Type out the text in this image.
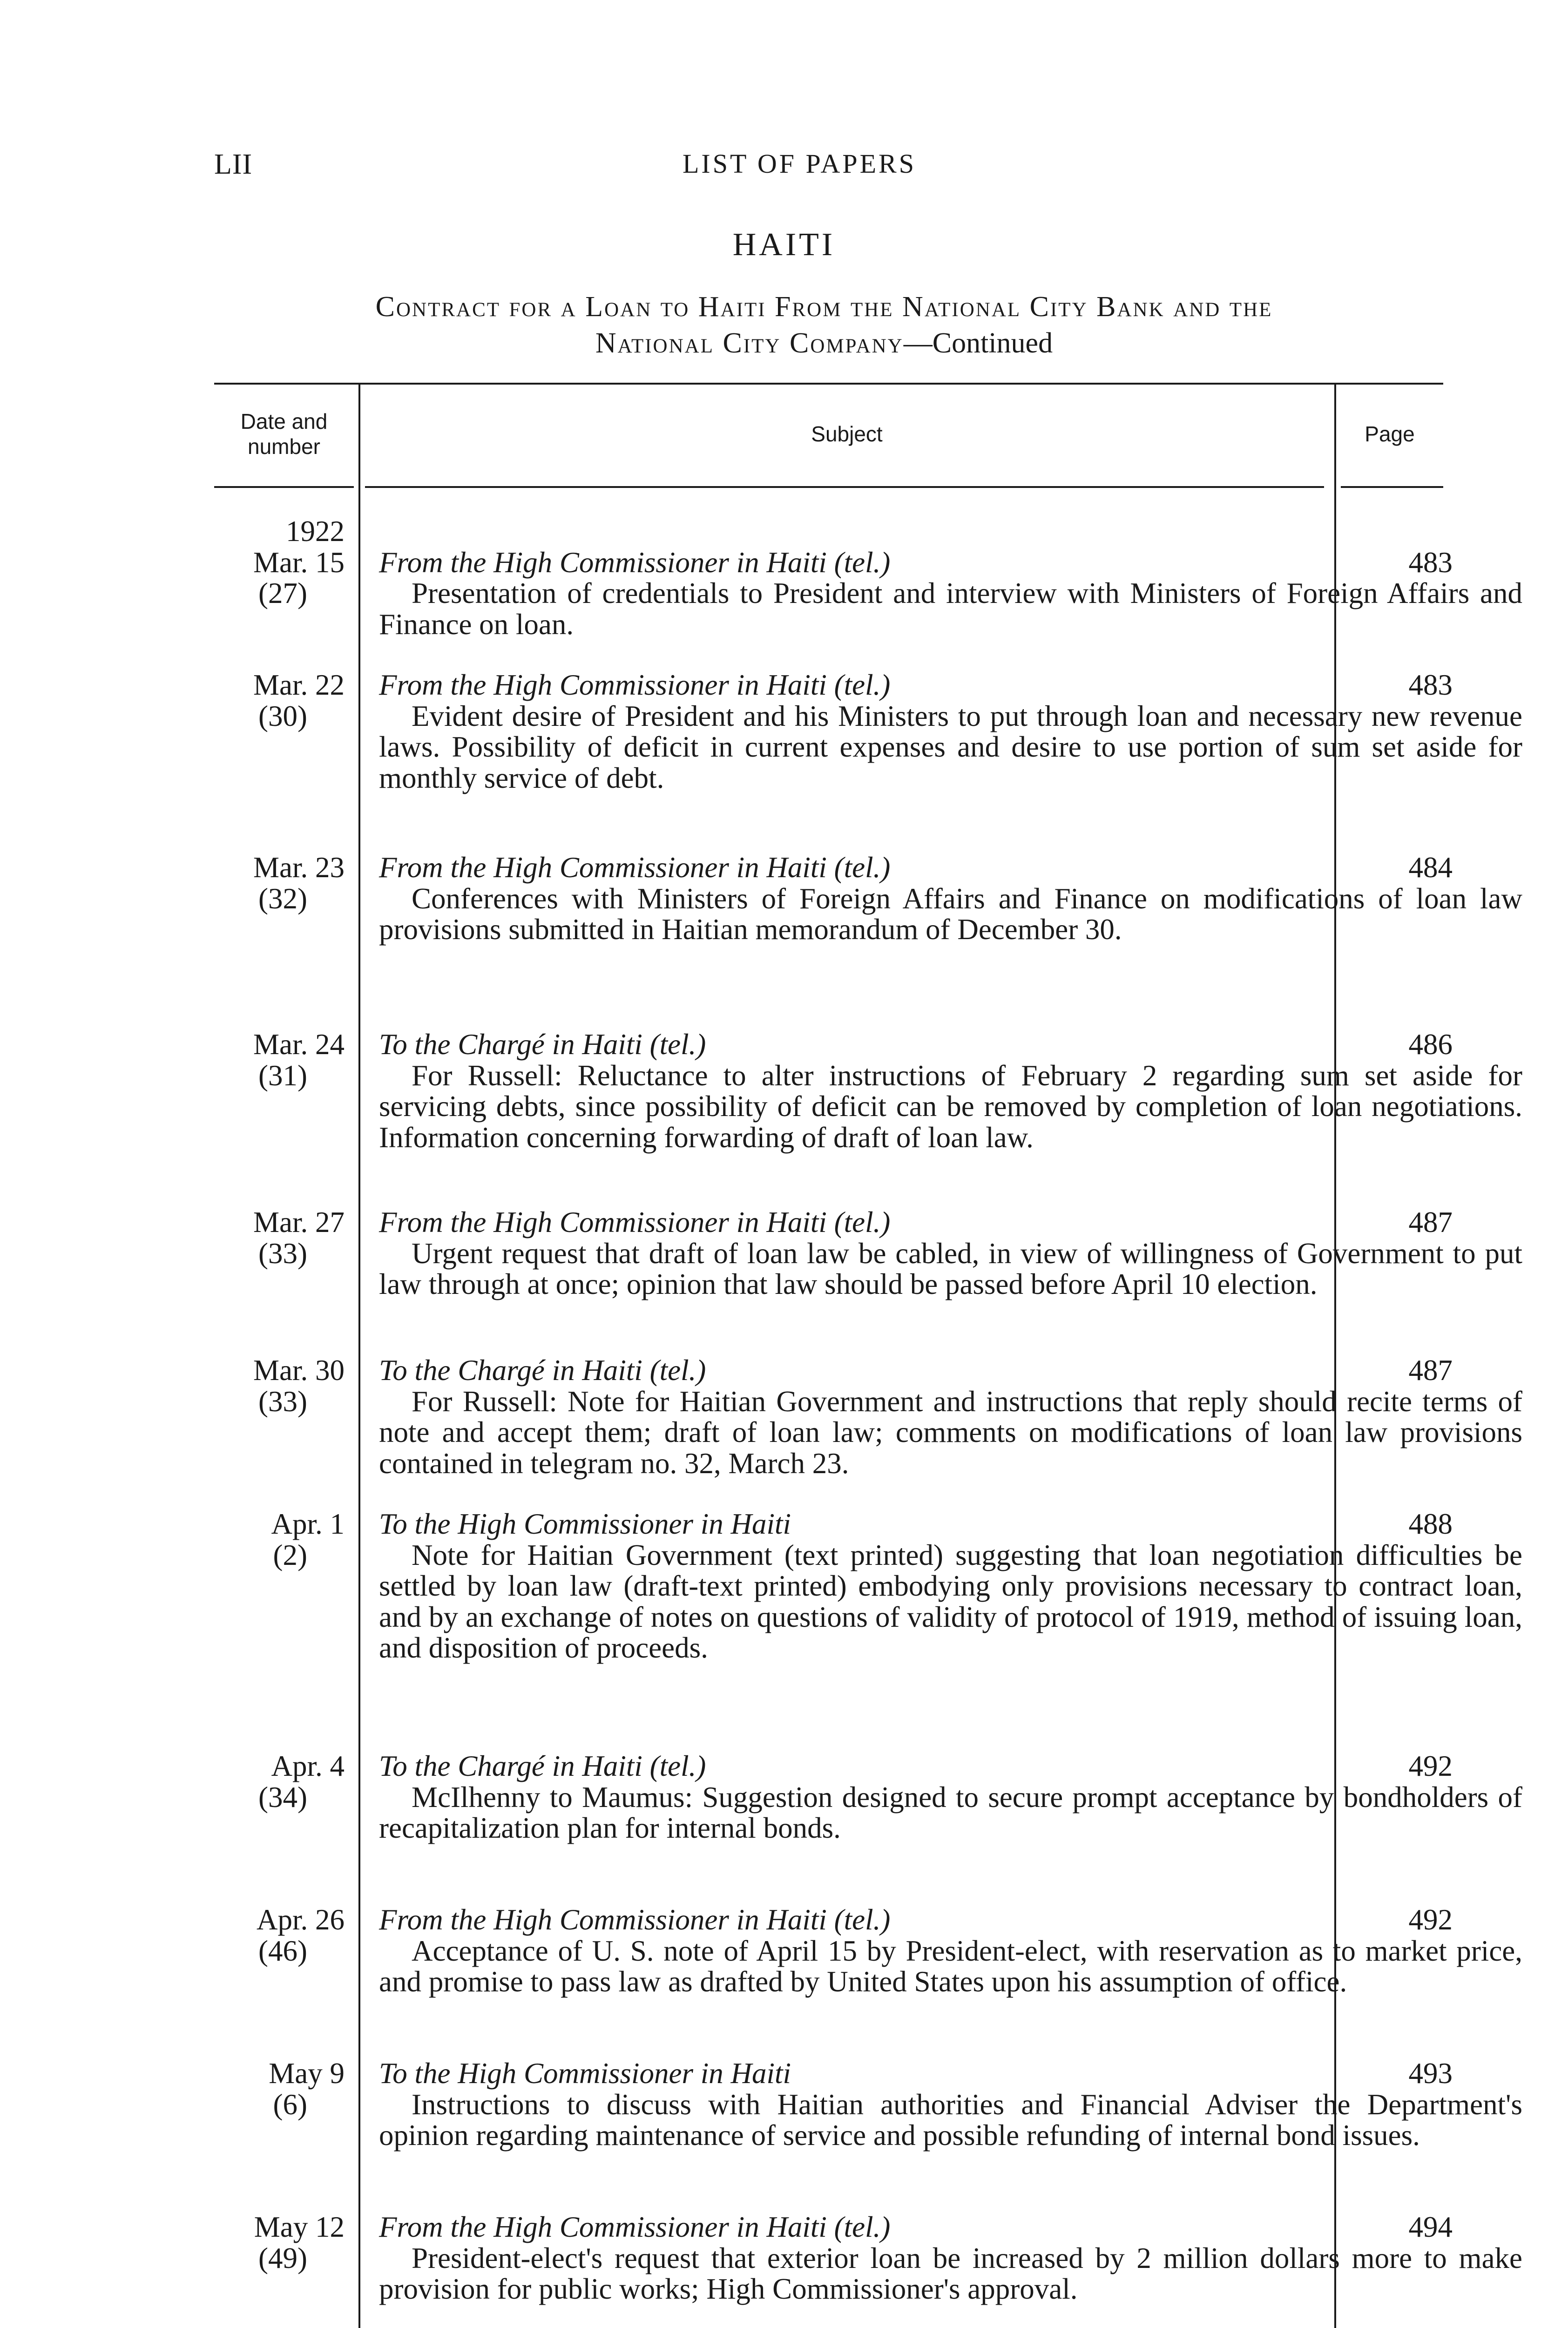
LII	LIST OF PAPERS
HAITI
Contract for a Loan to Haiti From the National City Bank and the
National City Company—Continued
Date and
number
Subject	Page
1922
Mar. 15
(27)
From the High Commissioner in Haiti (tel.)
Presentation of credentials to President and interview with Ministers of Foreign Affairs and Finance on loan.
483
Mar. 22
(30)
From the High Commissioner in Haiti (tel.)
Evident desire of President and his Ministers to put through loan and necessary new revenue laws. Possibility of deficit in current expenses and desire to use portion of sum set aside for monthly service of debt.
483
Mar. 23
(32)
From the High Commissioner in Haiti (tel.)
Conferences with Ministers of Foreign Affairs and Finance on modifications of loan law provisions submitted in Haitian memorandum of December 30.
484
Mar. 24
(31)
To the Chargé in Haiti (tel.)
For Russell: Reluctance to alter instructions of February 2 regarding sum set aside for servicing debts, since possibility of deficit can be removed by completion of loan negotiations. Information concerning forwarding of draft of loan law.
486
Mar. 27
(33)
From the High Commissioner in Haiti (tel.)
Urgent request that draft of loan law be cabled, in view of willingness of Government to put law through at once; opinion that law should be passed before April 10 election.
487
Mar. 30
(33)
To the Chargé in Haiti (tel.)
For Russell: Note for Haitian Government and instructions that reply should recite terms of note and accept them; draft of loan law; comments on modifications of loan law provisions contained in telegram no. 32, March 23.
487
Apr. 1
(2)
To the High Commissioner in Haiti
Note for Haitian Government (text printed) suggesting that loan negotiation difficulties be settled by loan law (draft-text printed) embodying only provisions necessary to contract loan, and by an exchange of notes on questions of validity of protocol of 1919, method of issuing loan, and disposition of proceeds.
488
Apr. 4
(34)
To the Chargé in Haiti (tel.)
McIlhenny to Maumus: Suggestion designed to secure prompt acceptance by bondholders of recapitalization plan for internal bonds.
492
Apr. 26
(46)
From the High Commissioner in Haiti (tel.)
Acceptance of U. S. note of April 15 by President-elect, with reservation as to market price, and promise to pass law as drafted by United States upon his assumption of office.
492
May 9
(6)
To the High Commissioner in Haiti
Instructions to discuss with Haitian authorities and Financial Adviser the Department's opinion regarding maintenance of service and possible refunding of internal bond issues.
493
May 12
(49)
From the High Commissioner in Haiti (tel.)
President-elect's request that exterior loan be increased by 2 million dollars more to make provision for public works; High Commissioner's approval.
494
